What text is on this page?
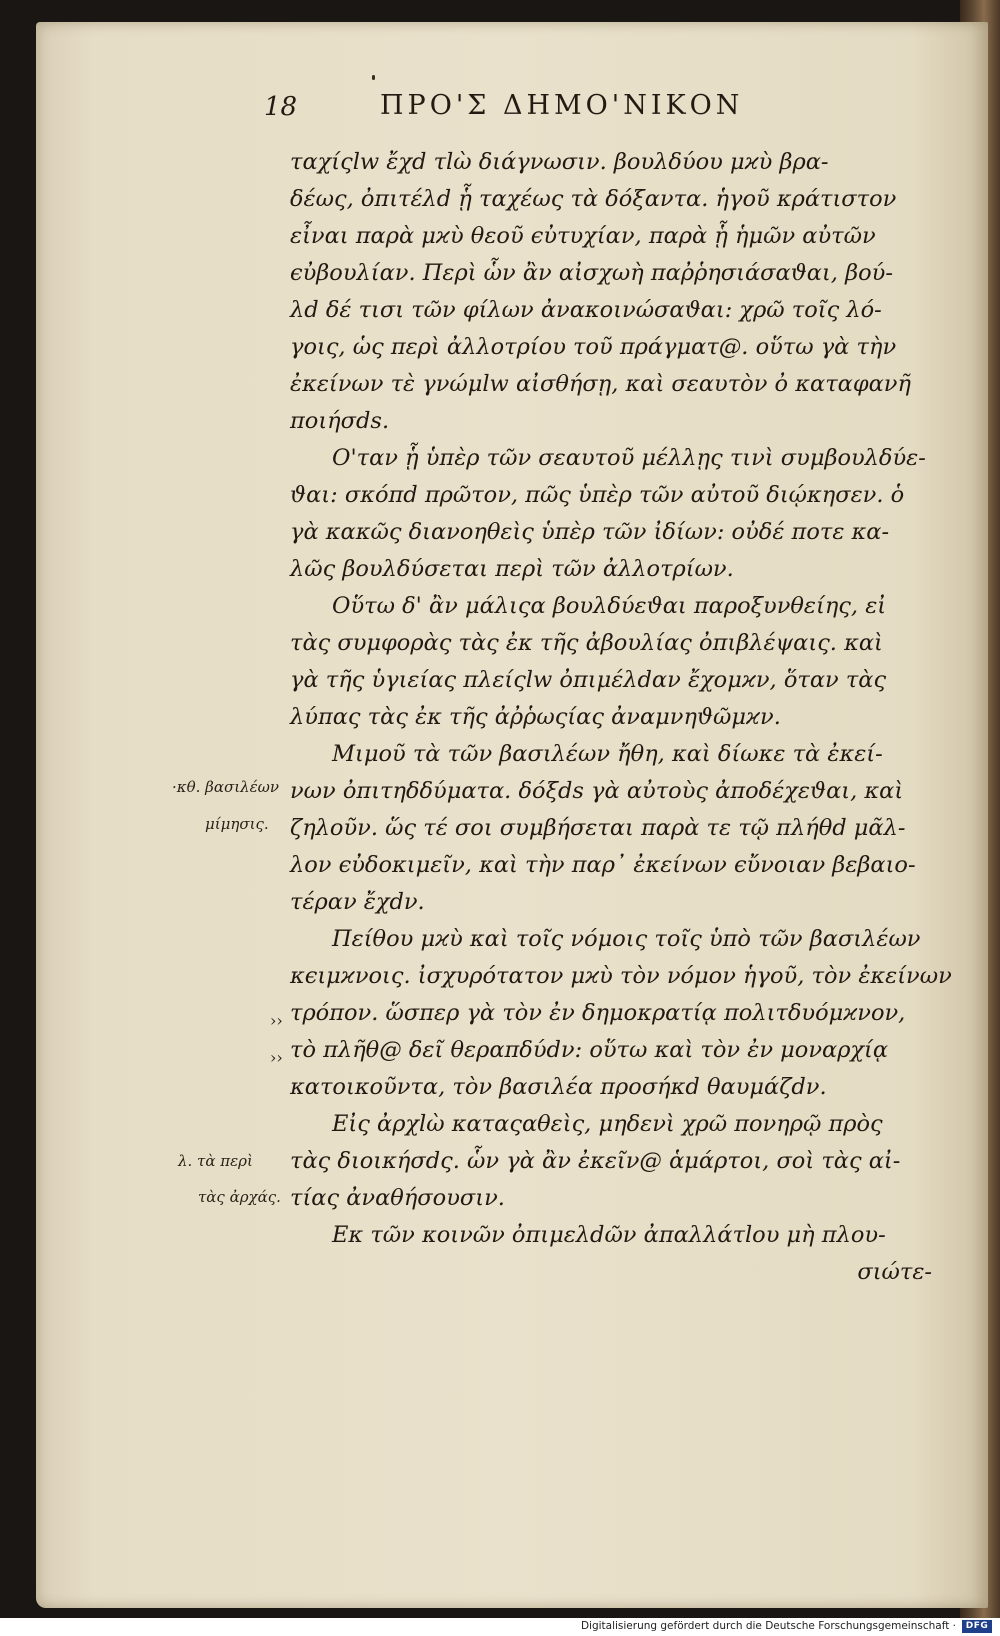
18	ΠΡΟ'Σ ΔΗΜΟ'ΝΙΚΟΝ
ταχίςlw ἔχd τlὼ διάγνωσιν. βουλδύου μϰὺ βρα-
δέως, ὀπιτέλd ᾗ ταχέως τὰ δόξαντα. ἡγοῦ κράτιστον
εἶναι παρὰ μϰὺ θεοῦ ϵὐτυχίαν, παρὰ ᾗ ἡμῶν αὐτῶν
ϵὐβουλίαν. Περὶ ὧν ἂν αἰσχωὴ παῤῥησιάσαϑαι, βού-
λd δέ τισι τῶν φίλων ἀνακοινώσαϑαι: χρῶ τοῖς λό-
γοις, ὡς περὶ ἀλλοτρίου τοῦ πράγματ@. οὕτω γὰ τὴν
ἐκείνων τὲ γνώμlw αἰσθήσῃ, καὶ σεαυτὸν ὀ καταφανῆ
ποιήσds.
Ο'ταν ᾗ ὑπὲρ τῶν σεαυτοῦ μέλλῃς τινὶ συμβουλδύε-
ϑαι: σκόπd πρῶτον, πῶς ὑπὲρ τῶν αὐτοῦ διῴκησεν. ὁ
γὰ κακῶς διανοηθεὶς ὑπὲρ τῶν ἰδίων: οὐδέ ποτε κα-
λῶς βουλδύσεται περὶ τῶν ἀλλοτρίων.
Οὕτω δ' ἂν μάλιςα βουλδύεϑαι παροξυνθείης, εἰ
τὰς συμφορὰς τὰς ἐκ τῆς ἀβουλίας ὀπιβλέψαις. καὶ
γὰ τῆς ὑγιείας πλείςlw ὀπιμέλdαν ἔχομϰν, ὅταν τὰς
λύπας τὰς ἐκ τῆς ἀῤῥωςίας ἀναμνηϑῶμϰν.
Μιμοῦ τὰ τῶν βασιλέων ἤθη, καὶ δίωκε τὰ ἐκεί-
νων ὀπιτηδδύματα. δόξds γὰ αὐτοὺς ἀποδέχεϑαι, καὶ
ζηλοῦν. ὥς τέ σοι συμβήσεται παρὰ τε τῷ πλήθd μᾶλ-
λον ϵὐδοκιμεῖν, καὶ τὴν παρ᾽ ἐκείνων ϵὔνοιαν βεβαιο-
τέραν ἔχdν.
Πείθου μϰὺ καὶ τοῖς νόμοις τοῖς ὑπὸ τῶν βασιλέων
κϵιμϰνοις. ἰσχυρότατον μϰὺ τὸν νόμον ἡγοῦ, τὸν ἐκείνων
τρόπον. ὥσπερ γὰ τὸν ἐν δημοκρατίᾳ πολιτδυόμϰνον,
τὸ πλῆθ@ δεῖ θεραπδύdν: οὕτω καὶ τὸν ἐν μοναρχίᾳ
κατοικοῦντα, τὸν βασιλέα προσήκd θαυμάζdν.
Εἰς ἀρχlὼ καταςαθεὶς, μηδενὶ χρῶ πονηρῷ πρὸς
τὰς διοικήσdς. ὧν γὰ ἂν ἐκεῖν@ ἁμάρτοι, σοὶ τὰς αἰ-
τίας ἀναθήσουσιν.
Εκ τῶν κοινῶν ὀπιμελdῶν ἀπαλλάτlου μὴ πλου-
σιώτε-
·κθ. βασιλέων
μίμησις.
λ. τὰ περὶ
τὰς ἀρχάς.
››
››
Digitalisierung gefördert durch die Deutsche Forschungsgemeinschaft ·	DFG
